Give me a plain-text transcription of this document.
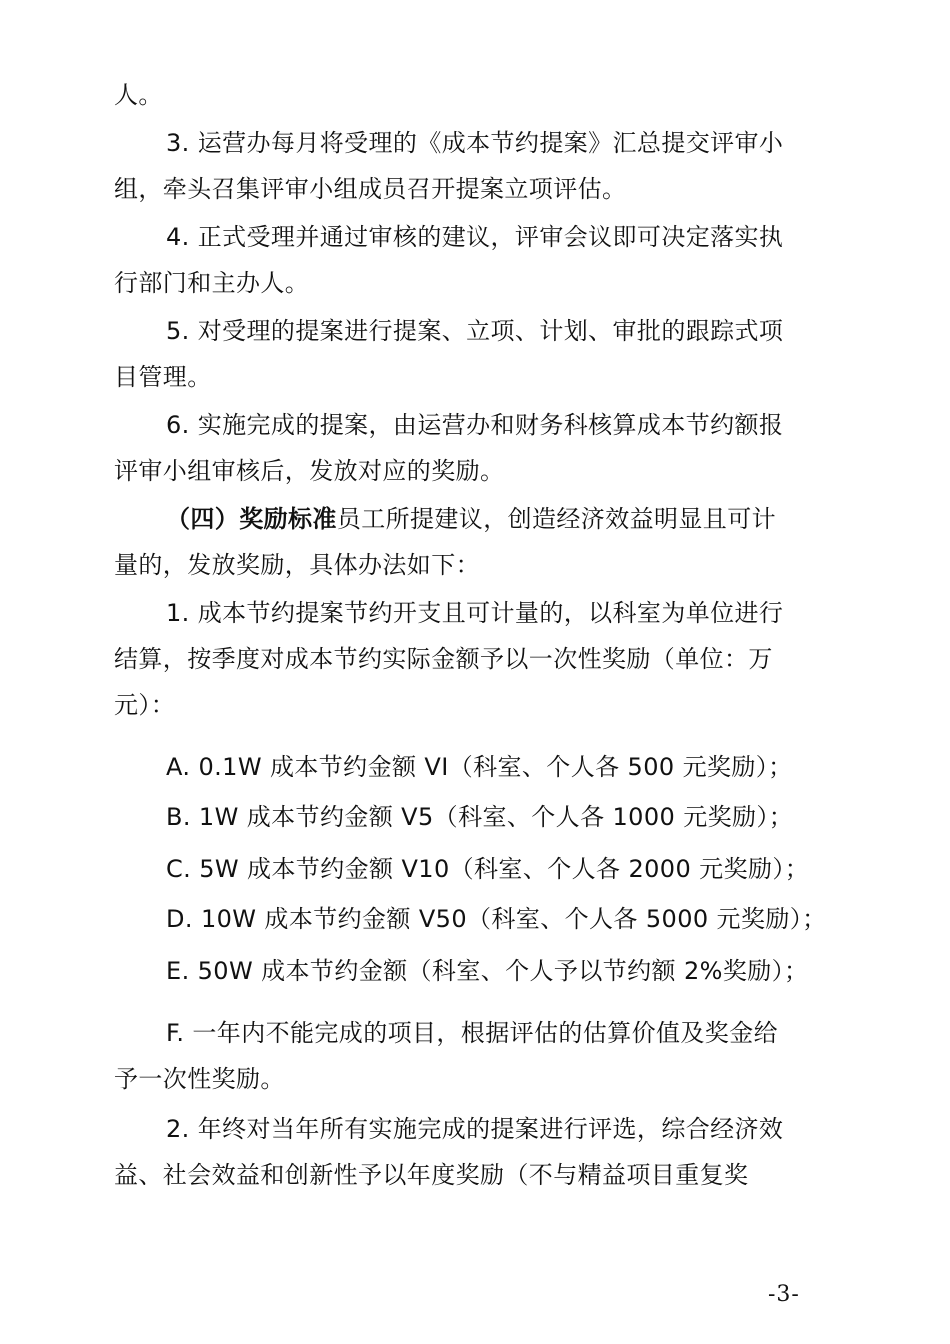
人。
3. 运营办每月将受理的《成本节约提案》汇总提交评审小
组，牵头召集评审小组成员召开提案立项评估。
4. 正式受理并通过审核的建议，评审会议即可决定落实执
行部门和主办人。
5. 对受理的提案进行提案、立项、计划、审批的跟踪式项
目管理。
6. 实施完成的提案，由运营办和财务科核算成本节约额报
评审小组审核后，发放对应的奖励。
（四）奖励标准员工所提建议，创造经济效益明显且可计
量的，发放奖励，具体办法如下：
1. 成本节约提案节约开支且可计量的，以科室为单位进行
结算，按季度对成本节约实际金额予以一次性奖励（单位：万
元）：
A. 0.1W 成本节约金额 VI（科室、个人各 500 元奖励）；
B. 1W 成本节约金额 V5（科室、个人各 1000 元奖励）；
C. 5W 成本节约金额 V10（科室、个人各 2000 元奖励）；
D. 10W 成本节约金额 V50（科室、个人各 5000 元奖励）；
E. 50W 成本节约金额（科室、个人予以节约额 2%奖励）；
F. 一年内不能完成的项目，根据评估的估算价值及奖金给
予一次性奖励。
2. 年终对当年所有实施完成的提案进行评选，综合经济效
益、社会效益和创新性予以年度奖励（不与精益项目重复奖
-3-
